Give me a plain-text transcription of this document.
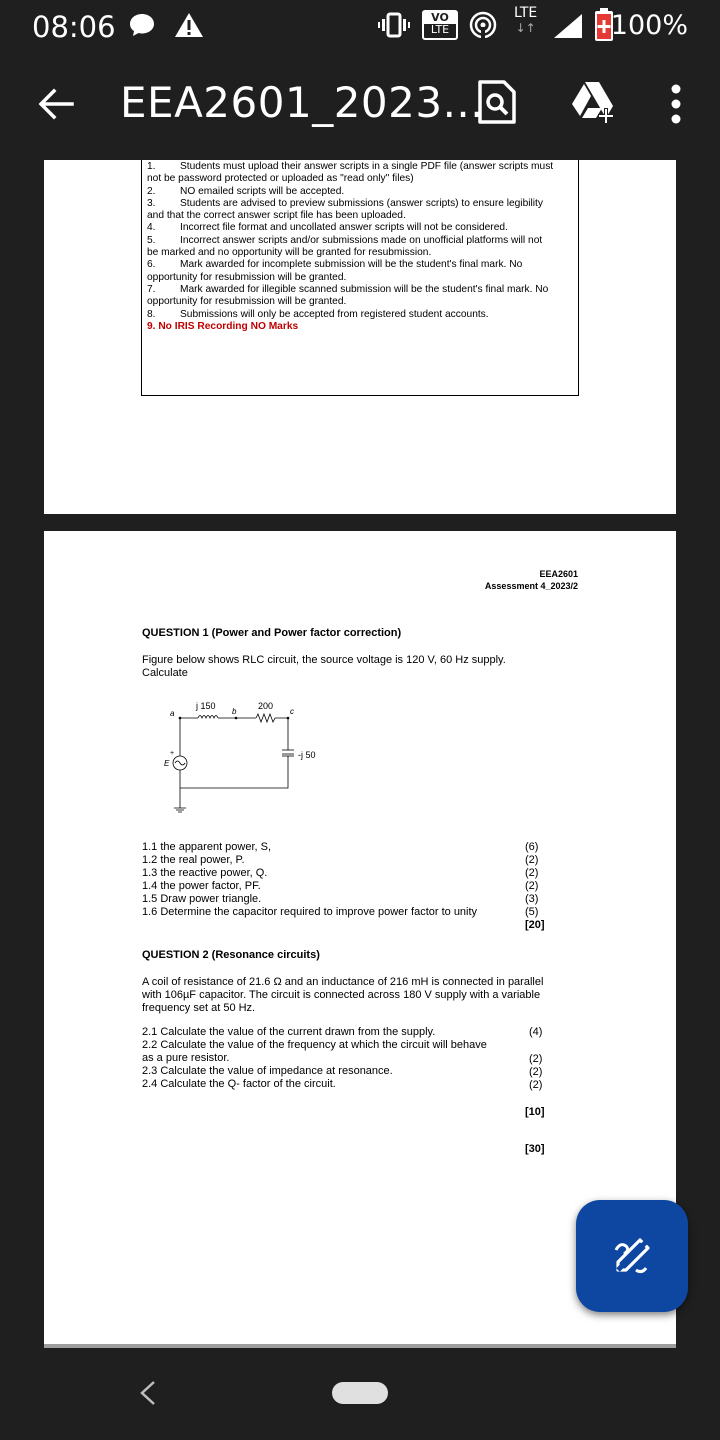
08:06	VO
LTE
LTE
↓↑	100%
EEA2601_2023...
1. Students must upload their answer scripts in a single PDF file (answer scripts must
not be password protected or uploaded as "read only" files)
2. NO emailed scripts will be accepted.
3. Students are advised to preview submissions (answer scripts) to ensure legibility
and that the correct answer script file has been uploaded.
4. Incorrect file format and uncollated answer scripts will not be considered.
5. Incorrect answer scripts and/or submissions made on unofficial platforms will not
be marked and no opportunity will be granted for resubmission.
6. Mark awarded for incomplete submission will be the student's final mark. No
opportunity for resubmission will be granted.
7. Mark awarded for illegible scanned submission will be the student's final mark. No
opportunity for resubmission will be granted.
8. Submissions will only be accepted from registered student accounts.
9. No IRIS Recording NO Marks
EEA2601
Assessment 4_2023/2
QUESTION 1 (Power and Power factor correction)
Figure below shows RLC circuit, the source voltage is 120 V, 60 Hz supply.
Calculate
a
j 150
b
200
c
+
E
-j 50
1.1 the apparent power, S,
1.2 the real power, P.
1.3 the reactive power, Q.
1.4 the power factor, PF.
1.5 Draw power triangle.
1.6 Determine the capacitor required to improve power factor to unity
(6)
(2)
(2)
(2)
(3)
(5)
[20]
QUESTION 2 (Resonance circuits)
A coil of resistance of 21.6 Ω and an inductance of 216 mH is connected in parallel
with 106µF capacitor. The circuit is connected across 180 V supply with a variable
frequency set at 50 Hz.
2.1 Calculate the value of the current drawn from the supply.
2.2 Calculate the value of the frequency at which the circuit will behave
as a pure resistor.
2.3 Calculate the value of impedance at resonance.
2.4 Calculate the Q- factor of the circuit.
(4)
(2)
(2)
(2)
[10]
[30]
